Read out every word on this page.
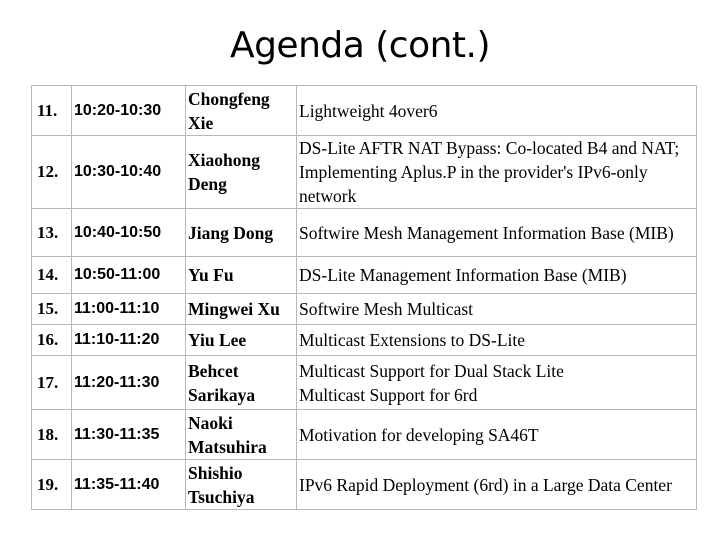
Agenda (cont.)
11.	10:20-10:30	Chongfeng Xie	Lightweight 4over6

12.	10:30-10:40	Xiaohong Deng	DS-Lite AFTR NAT Bypass: Co-located B4 and NAT; Implementing Aplus.P in the provider's IPv6-only network

13.	10:40-10:50	Jiang Dong	Softwire Mesh Management Information Base (MIB)

14.	10:50-11:00	Yu Fu	DS-Lite Management Information Base (MIB)

15.	11:00-11:10	Mingwei Xu	Softwire Mesh Multicast

16.	11:10-11:20	Yiu Lee	Multicast Extensions to DS-Lite

17.	11:20-11:30	Behcet Sarikaya	Multicast Support for Dual Stack Lite
Multicast Support for 6rd

18.	11:30-11:35	Naoki Matsuhira	Motivation for developing SA46T

19.	11:35-11:40	Shishio Tsuchiya	IPv6 Rapid Deployment (6rd) in a Large Data Center
